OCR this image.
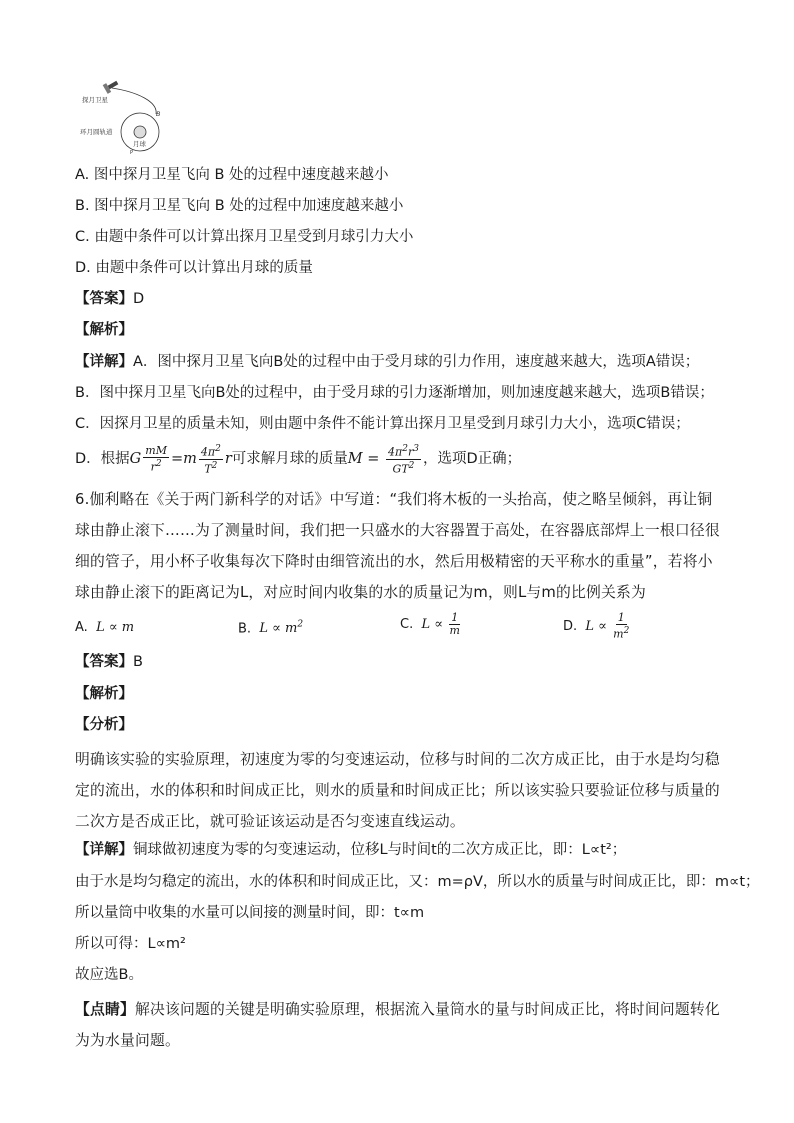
探月卫星
B
环月圆轨道
月球
P
A. 图中探月卫星飞向 B 处的过程中速度越来越小
B. 图中探月卫星飞向 B 处的过程中加速度越来越小
C. 由题中条件可以计算出探月卫星受到月球引力大小
D. 由题中条件可以计算出月球的质量
【答案】D
【解析】
【详解】A．图中探月卫星飞向B处的过程中由于受月球的引力作用，速度越来越大，选项A错误；
B．图中探月卫星飞向B处的过程中，由于受月球的引力逐渐增加，则加速度越来越大，选项B错误；
C．因探月卫星的质量未知，则由题中条件不能计算出探月卫星受到月球引力大小，选项C错误；
D．根据 G $\frac{mM}{r^2} =m \frac{4\pi^2}{T^2}$ r 可求解月球的质量 $M = \frac{4\pi^2r^3}{GT^2}$ ，选项D正确；
6.伽利略在《关于两门新科学的对话》中写道：“我们将木板的一头抬高，使之略呈倾斜，再让铜球由静止滚下……为了测量时间，我们把一只盛水的大容器置于高处，在容器底部焊上一根口径很细的管子，用小杯子收集每次下降时由细管流出的水，然后用极精密的天平称水的重量”，若将小球由静止滚下的距离记为L，对应时间内收集的水的质量记为m，则L与m的比例关系为
A. L ∝ m	B. $L \propto m^2$	C. $L \propto \frac{1}{m}$	D. $L \propto \frac{1}{m^2}$
【答案】B
【解析】
【分析】
明确该实验的实验原理，初速度为零的匀变速运动，位移与时间的二次方成正比，由于水是均匀稳定的流出，水的体积和时间成正比，则水的质量和时间成正比；所以该实验只要验证位移与质量的二次方是否成正比，就可验证该运动是否匀变速直线运动。
【详解】铜球做初速度为零的匀变速运动，位移L与时间t的二次方成正比，即：L∝t²；
由于水是均匀稳定的流出，水的体积和时间成正比，又：m=ρV，所以水的质量与时间成正比，即：m∝t；
所以量筒中收集的水量可以间接的测量时间，即：t∝m
所以可得：L∝m²
故应选B。
【点睛】解决该问题的关键是明确实验原理，根据流入量筒水的量与时间成正比，将时间问题转化为为水量问题。
